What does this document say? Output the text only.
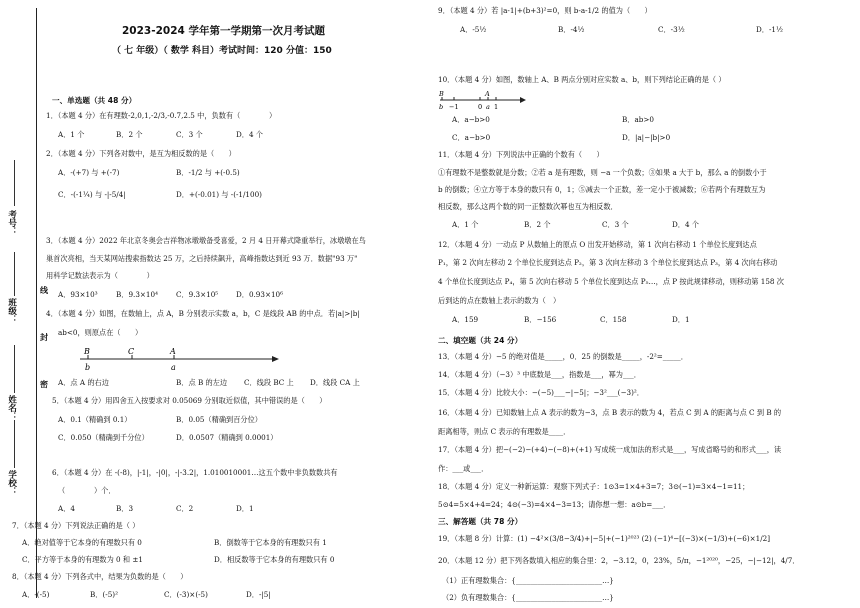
考号：
班级：
姓名：
学校：
线
封
密
2023-2024 学年第一学期第一次月考试题
（ 七 年级）（ 数学 科目）考试时间：120 分值：150
一、单选题（共 48 分）
1．（本题 4 分）在有理数-2,0,1,-2/3,-0.7,2.5 中，负数有（　　　　）
A．1 个	B．2 个	C．3 个	D．4 个
2．（本题 4 分）下列各对数中，是互为相反数的是（　　）
A．-(+7) 与 +(-7)	B．-1/2 与 +(-0.5)
C．-(-1¼) 与 -|-5/4|	D．+(-0.01) 与 -(-1/100)
3．（本题 4 分）2022 年北京冬奥会吉祥物冰墩墩备受喜爱，2 月 4 日开幕式降重举行，冰墩墩在鸟
巢首次亮相，当天某网站搜索指数达 25 万，之后持续飙升，高峰指数达到近 93 万．数据"93 万"
用科学记数法表示为（　　　　）
A．93×10³	B．9.3×10⁴	C．9.3×10⁵ D．0.93×10⁶
4．（本题 4 分）如图，在数轴上，点 A，B 分别表示实数 a，b，C 是线段 AB 的中点．若|a|>|b|
ab<0，则原点在（　　）
B	C	A
b	a
A．点 A 的右边	B．点 B 的左边 C．线段 BC 上 D．线段 CA 上
5．（本题 4 分）用四舍五入按要求对 0.05069 分别取近似值，其中错误的是（　　）
A．0.1（精确到 0.1）	B．0.05（精确到百分位）
C．0.050（精确到千分位）	D．0.0507（精确到 0.0001）
6．（本题 4 分）在 -(-8)，|-1|，-|0|，-|-3.2|，1.010010001…这五个数中非负数数共有
（　　　　）个．
A．4	B．3	C．2	D．1
7．（本题 4 分）下列说法正确的是（ ）
A．绝对值等于它本身的有理数只有 0	B．倒数等于它本身的有理数只有 1
C．平方等于本身的有理数为 0 和 ±1	D．相反数等于它本身的有理数只有 0
8．（本题 4 分）下列各式中，结果为负数的是（　　）
A．-(-5)	B．(-5)²	C．(-3)×(-5)	D．-|5|
9．（本题 4 分）若 |a-1|+(b+3)²=0，则 b-a-1/2 的值为（　　）
A．-5½	B．-4½	C．-3½	D．-1½
10．（本题 4 分）如图，数轴上 A、B 两点分别对应实数 a、b，则下列结论正确的是（ ）
B	A
b −1	0 a 1
A．a−b>0	B．ab>0
C．a−b>0	D．|a|−|b|>0
11．（本题 4 分）下列说法中正确的个数有（　　）
①有理数不是整数就是分数；②若 a 是有理数，则 −a 一个负数；③如果 a 大于 b，那么 a 的倒数小于
b 的倒数；④立方等于本身的数只有 0，1；⑤减去一个正数，差一定小于被减数；⑥若两个有理数互为
相反数，那么这两个数的同一正整数次幂也互为相反数．
A．1 个	B．2 个	C．3 个	D．4 个
12．（本题 4 分）一动点 P 从数轴上的原点 O 出发开始移动，第 1 次向右移动 1 个单位长度到达点
P₁，第 2 次向左移动 2 个单位长度到达点 P₂，第 3 次向左移动 3 个单位长度到达点 P₃，第 4 次向右移动
4 个单位长度到达点 P₄，第 5 次向右移动 5 个单位长度到达点 P₅…，点 P 按此规律移动，则移动第 158 次
后到达的点在数轴上表示的数为（　）
A．159	B．−156	C．158	D．1
二、填空题（共 24 分）
13．（本题 4 分）−5 的绝对值是_____，0．25 的倒数是_____，-2²=_____．
14．（本题 4 分）（−3）³ 中底数是___，指数是___，幂为___．
15．（本题 4 分）比较大小：−(−5)___−|−5|；−3²___(−3)²．
16．（本题 4 分）已知数轴上点 A 表示的数为−3，点 B 表示的数为 4，若点 C 到 A 的距离与点 C 到 B 的
距离相等，则点 C 表示的有理数是____．
17．（本题 4 分）把−(−2)−(+4)−(−8)+(+1) 写成统一成加法的形式是___，写成省略号的和形式___，读
作：___或___．
18．（本题 4 分）定义一种新运算：观察下列式子：1⊙3=1×4+3=7；3⊙(−1)=3×4−1=11；
5⊙4=5×4+4=24；4⊙(−3)=4×4−3=13；请你想一想：a⊙b=___．
三、解答题（共 78 分）
19．（本题 8 分）计算：(1) −4²×(3/8−3/4)+|−5|+(−1)²⁰²³ (2) (−1)⁴−[(−3)×(−1/3)+(−6)×1/2]
20．（本题 12 分）把下列各数填入相应的集合里：2，−3.12，0，23%，5/π，−1²⁰²⁰，−25，−|−12|，4/7．
（1）正有理数集合：{________________________…}
（2）负有理数集合：{________________________…}
